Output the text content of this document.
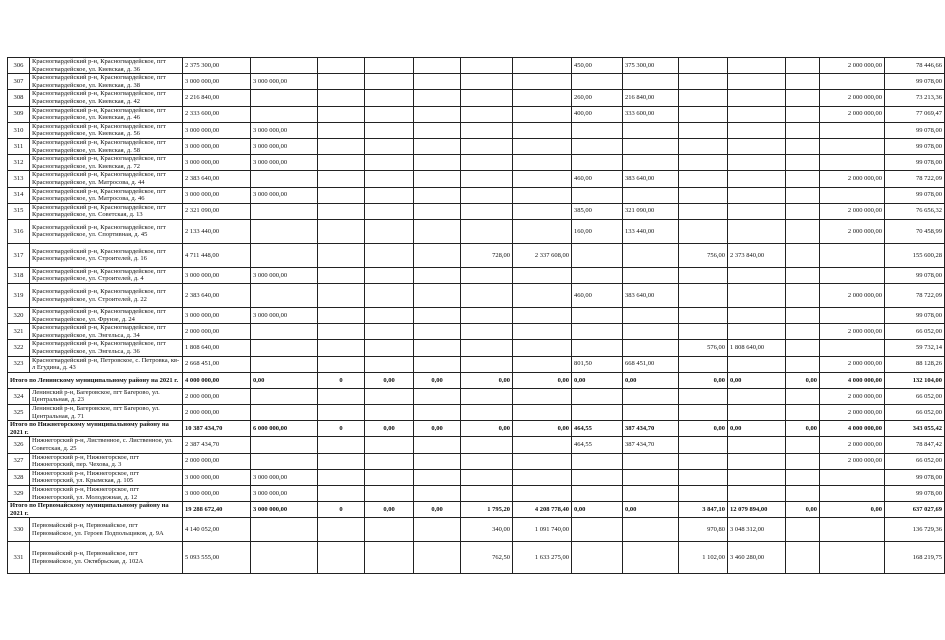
306	Красногвардейский р-н, Красногвардейское, пгт Красногвардейское, ул. Киевская, д. 36	2 375 300,00							450,00	375 300,00				2 000 000,00	78 446,66
307	Красногвардейский р-н, Красногвардейское, пгт Красногвардейское, ул. Киевская, д. 38	3 000 000,00	3 000 000,00												99 078,00
308	Красногвардейский р-н, Красногвардейское, пгт Красногвардейское, ул. Киевская, д. 42	2 216 840,00							260,00	216 840,00				2 000 000,00	73 213,36
309	Красногвардейский р-н, Красногвардейское, пгт Красногвардейское, ул. Киевская, д. 46	2 333 600,00							400,00	333 600,00				2 000 000,00	77 069,47
310	Красногвардейский р-н, Красногвардейское, пгт Красногвардейское, ул. Киевская, д. 56	3 000 000,00	3 000 000,00												99 078,00
311	Красногвардейский р-н, Красногвардейское, пгт Красногвардейское, ул. Киевская, д. 58	3 000 000,00	3 000 000,00												99 078,00
312	Красногвардейский р-н, Красногвардейское, пгт Красногвардейское, ул. Киевская, д. 72	3 000 000,00	3 000 000,00												99 078,00
313	Красногвардейский р-н, Красногвардейское, пгт Красногвардейское, ул. Матросова, д. 44	2 383 640,00							460,00	383 640,00				2 000 000,00	78 722,09
314	Красногвардейский р-н, Красногвардейское, пгт Красногвардейское, ул. Матросова, д. 46	3 000 000,00	3 000 000,00												99 078,00
315	Красногвардейский р-н, Красногвардейское, пгт Красногвардейское, ул. Советская, д. 13	2 321 090,00							385,00	321 090,00				2 000 000,00	76 656,32
316	Красногвардейский р-н, Красногвардейское, пгт Красногвардейское, ул. Спортивная, д. 45	2 133 440,00							160,00	133 440,00				2 000 000,00	70 458,99
317	Красногвардейский р-н, Красногвардейское, пгт Красногвардейское, ул. Строителей, д. 16	4 711 448,00					728,00	2 337 608,00			756,00	2 373 840,00			155 600,28
318	Красногвардейский р-н, Красногвардейское, пгт Красногвардейское, ул. Строителей, д. 4	3 000 000,00	3 000 000,00												99 078,00
319	Красногвардейский р-н, Красногвардейское, пгт Красногвардейское, ул. Строителей, д. 22	2 383 640,00							460,00	383 640,00				2 000 000,00	78 722,09
320	Красногвардейский р-н, Красногвардейское, пгт Красногвардейское, ул. Фрунзе, д. 24	3 000 000,00	3 000 000,00												99 078,00
321	Красногвардейский р-н, Красногвардейское, пгт Красногвардейское, ул. Энгельса, д. 34	2 000 000,00												2 000 000,00	66 052,00
322	Красногвардейский р-н, Красногвардейское, пгт Красногвардейское, ул. Энгельса, д. 36	1 808 640,00									576,00	1 808 640,00			59 732,14
323	Красногвардейский р-н, Петровское, с. Петровка, кв-л Егудина, д. 43	2 668 451,00							801,50	668 451,00				2 000 000,00	88 128,26
Итого по Ленинскому муниципальному району на 2021 г.		4 000 000,00	0,00	0	0,00	0,00	0,00	0,00	0,00	0,00	0,00	0,00	0,00	4 000 000,00	132 104,00
324	Ленинский р-н, Багеровское, пгт Багерово, ул. Центральная, д. 23	2 000 000,00												2 000 000,00	66 052,00
325	Ленинский р-н, Багеровское, пгт Багерово, ул. Центральная, д. 71	2 000 000,00												2 000 000,00	66 052,00
Итого по Нижнегорскому муниципальному району на 2021 г.		10 387 434,70	6 000 000,00	0	0,00	0,00	0,00	0,00	464,55	387 434,70	0,00	0,00	0,00	4 000 000,00	343 055,42
326	Нижнегорский р-н, Лиственное, с. Лиственное, ул. Советская, д. 25	2 387 434,70							464,55	387 434,70				2 000 000,00	78 847,42
327	Нижнегорский р-н, Нижнегорское, пгт Нижнегорский, пер. Чехова, д. 3	2 000 000,00												2 000 000,00	66 052,00
328	Нижнегорский р-н, Нижнегорское, пгт Нижнегорский, ул. Крымская, д. 105	3 000 000,00	3 000 000,00												99 078,00
329	Нижнегорский р-н, Нижнегорское, пгт Нижнегорский, ул. Молодежная, д. 12	3 000 000,00	3 000 000,00												99 078,00
Итого по Первомайскому муниципальному району на 2021 г.		19 288 672,40	3 000 000,00	0	0,00	0,00	1 795,20	4 208 778,40	0,00	0,00	3 847,10	12 079 894,00	0,00	0,00	637 027,69
330	Первомайский р-н, Первомайское, пгт Первомайское, ул. Героев Подпольщиков, д. 9А	4 140 052,00					340,00	1 091 740,00			970,80	3 048 312,00			136 729,36
331	Первомайский р-н, Первомайское, пгт Первомайское, ул. Октябрьская, д. 102А	5 093 555,00					762,50	1 633 275,00			1 102,00	3 460 280,00			168 219,75
